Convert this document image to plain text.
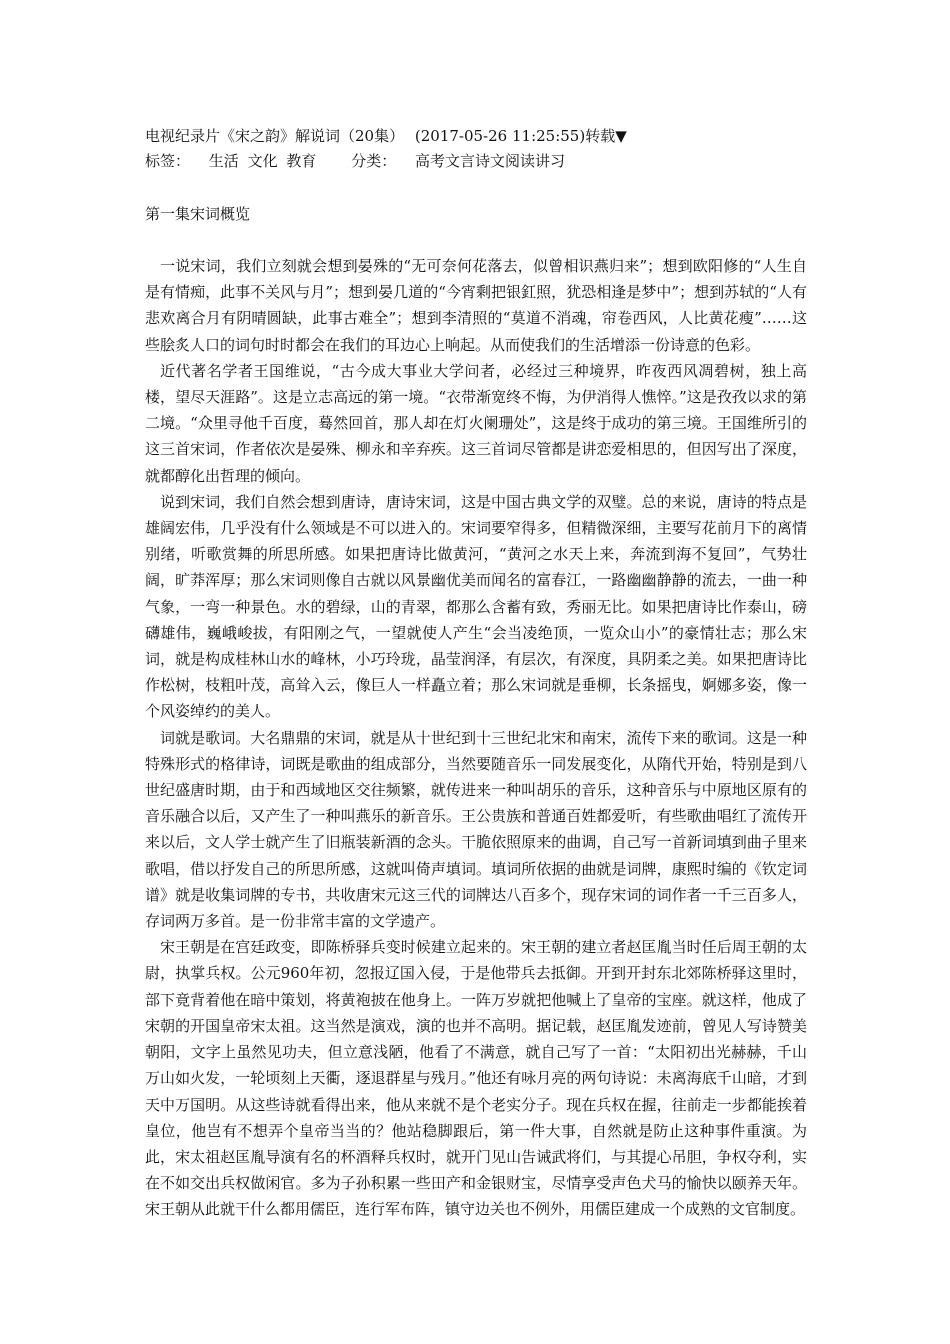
电视纪录片《宋之韵》解说词（20集） (2017-05-26 11:25:55)转载▼
标签： 生活 文化 教育 分类： 高考文言诗文阅读讲习
第一集宋词概览

一说宋词，我们立刻就会想到晏殊的“无可奈何花落去，似曾相识燕归来”；想到欧阳修的“人生自是有情痴，此事不关风与月”；想到晏几道的“今宵剩把银釭照，犹恐相逢是梦中”；想到苏轼的“人有悲欢离合月有阴晴圆缺，此事古难全”；想到李清照的“莫道不消魂，帘卷西风，人比黄花瘦”……这些脍炙人口的词句时时都会在我们的耳边心上响起。从而使我们的生活增添一份诗意的色彩。

近代著名学者王国维说，“古今成大事业大学问者，必经过三种境界，昨夜西风凋碧树，独上高楼，望尽天涯路”。这是立志高远的第一境。“衣带渐宽终不悔，为伊消得人憔悴。”这是孜孜以求的第二境。“众里寻他千百度，蓦然回首，那人却在灯火阑珊处”，这是终于成功的第三境。王国维所引的这三首宋词，作者依次是晏殊、柳永和辛弃疾。这三首词尽管都是讲恋爱相思的，但因写出了深度，就都醇化出哲理的倾向。

说到宋词，我们自然会想到唐诗，唐诗宋词，这是中国古典文学的双璧。总的来说，唐诗的特点是雄阔宏伟，几乎没有什么领域是不可以进入的。宋词要窄得多，但精微深细，主要写花前月下的离情别绪，听歌赏舞的所思所感。如果把唐诗比做黄河，“黄河之水天上来，奔流到海不复回”，气势壮阔，旷莽浑厚；那么宋词则像自古就以风景幽优美而闻名的富春江，一路幽幽静静的流去，一曲一种气象，一弯一种景色。水的碧绿，山的青翠，都那么含蓄有致，秀丽无比。如果把唐诗比作泰山，磅礴雄伟，巍峨峻拔，有阳刚之气，一望就使人产生“会当凌绝顶，一览众山小”的豪情壮志；那么宋词，就是构成桂林山水的峰林，小巧玲珑，晶莹润泽，有层次，有深度，具阴柔之美。如果把唐诗比作松树，枝粗叶茂，高耸入云，像巨人一样矗立着；那么宋词就是垂柳，长条摇曳，婀娜多姿，像一个风姿绰约的美人。

词就是歌词。大名鼎鼎的宋词，就是从十世纪到十三世纪北宋和南宋，流传下来的歌词。这是一种特殊形式的格律诗，词既是歌曲的组成部分，当然要随音乐一同发展变化，从隋代开始，特别是到八世纪盛唐时期，由于和西域地区交往频繁，就传进来一种叫胡乐的音乐，这种音乐与中原地区原有的音乐融合以后，又产生了一种叫燕乐的新音乐。王公贵族和普通百姓都爱听，有些歌曲唱红了流传开来以后，文人学士就产生了旧瓶装新酒的念头。干脆依照原来的曲调，自己写一首新词填到曲子里来歌唱，借以抒发自己的所思所感，这就叫倚声填词。填词所依据的曲就是词牌，康熙时编的《钦定词谱》就是收集词牌的专书，共收唐宋元这三代的词牌达八百多个，现存宋词的词作者一千三百多人，存词两万多首。是一份非常丰富的文学遗产。

宋王朝是在宫廷政变，即陈桥驿兵变时候建立起来的。宋王朝的建立者赵匡胤当时任后周王朝的太尉，执掌兵权。公元960年初，忽报辽国入侵，于是他带兵去抵御。开到开封东北郊陈桥驿这里时，部下竟背着他在暗中策划，将黄袍披在他身上。一阵万岁就把他喊上了皇帝的宝座。就这样，他成了宋朝的开国皇帝宋太祖。这当然是演戏，演的也并不高明。据记载，赵匡胤发迹前，曾见人写诗赞美朝阳，文字上虽然见功夫，但立意浅陋，他看了不满意，就自己写了一首：“太阳初出光赫赫，千山万山如火发，一轮顷刻上天衢，逐退群星与残月。”他还有咏月亮的两句诗说：未离海底千山暗，才到天中万国明。从这些诗就看得出来，他从来就不是个老实分子。现在兵权在握，往前走一步都能挨着皇位，他岂有不想弄个皇帝当当的？他站稳脚跟后，第一件大事，自然就是防止这种事件重演。为此，宋太祖赵匡胤导演有名的杯酒释兵权时，就开门见山告诫武将们，与其提心吊胆，争权夺利，实在不如交出兵权做闲官。多为子孙积累一些田产和金银财宝，尽情享受声色犬马的愉快以颐养天年。宋王朝从此就干什么都用儒臣，连行军布阵，镇守边关也不例外，用儒臣建成一个成熟的文官制度。
